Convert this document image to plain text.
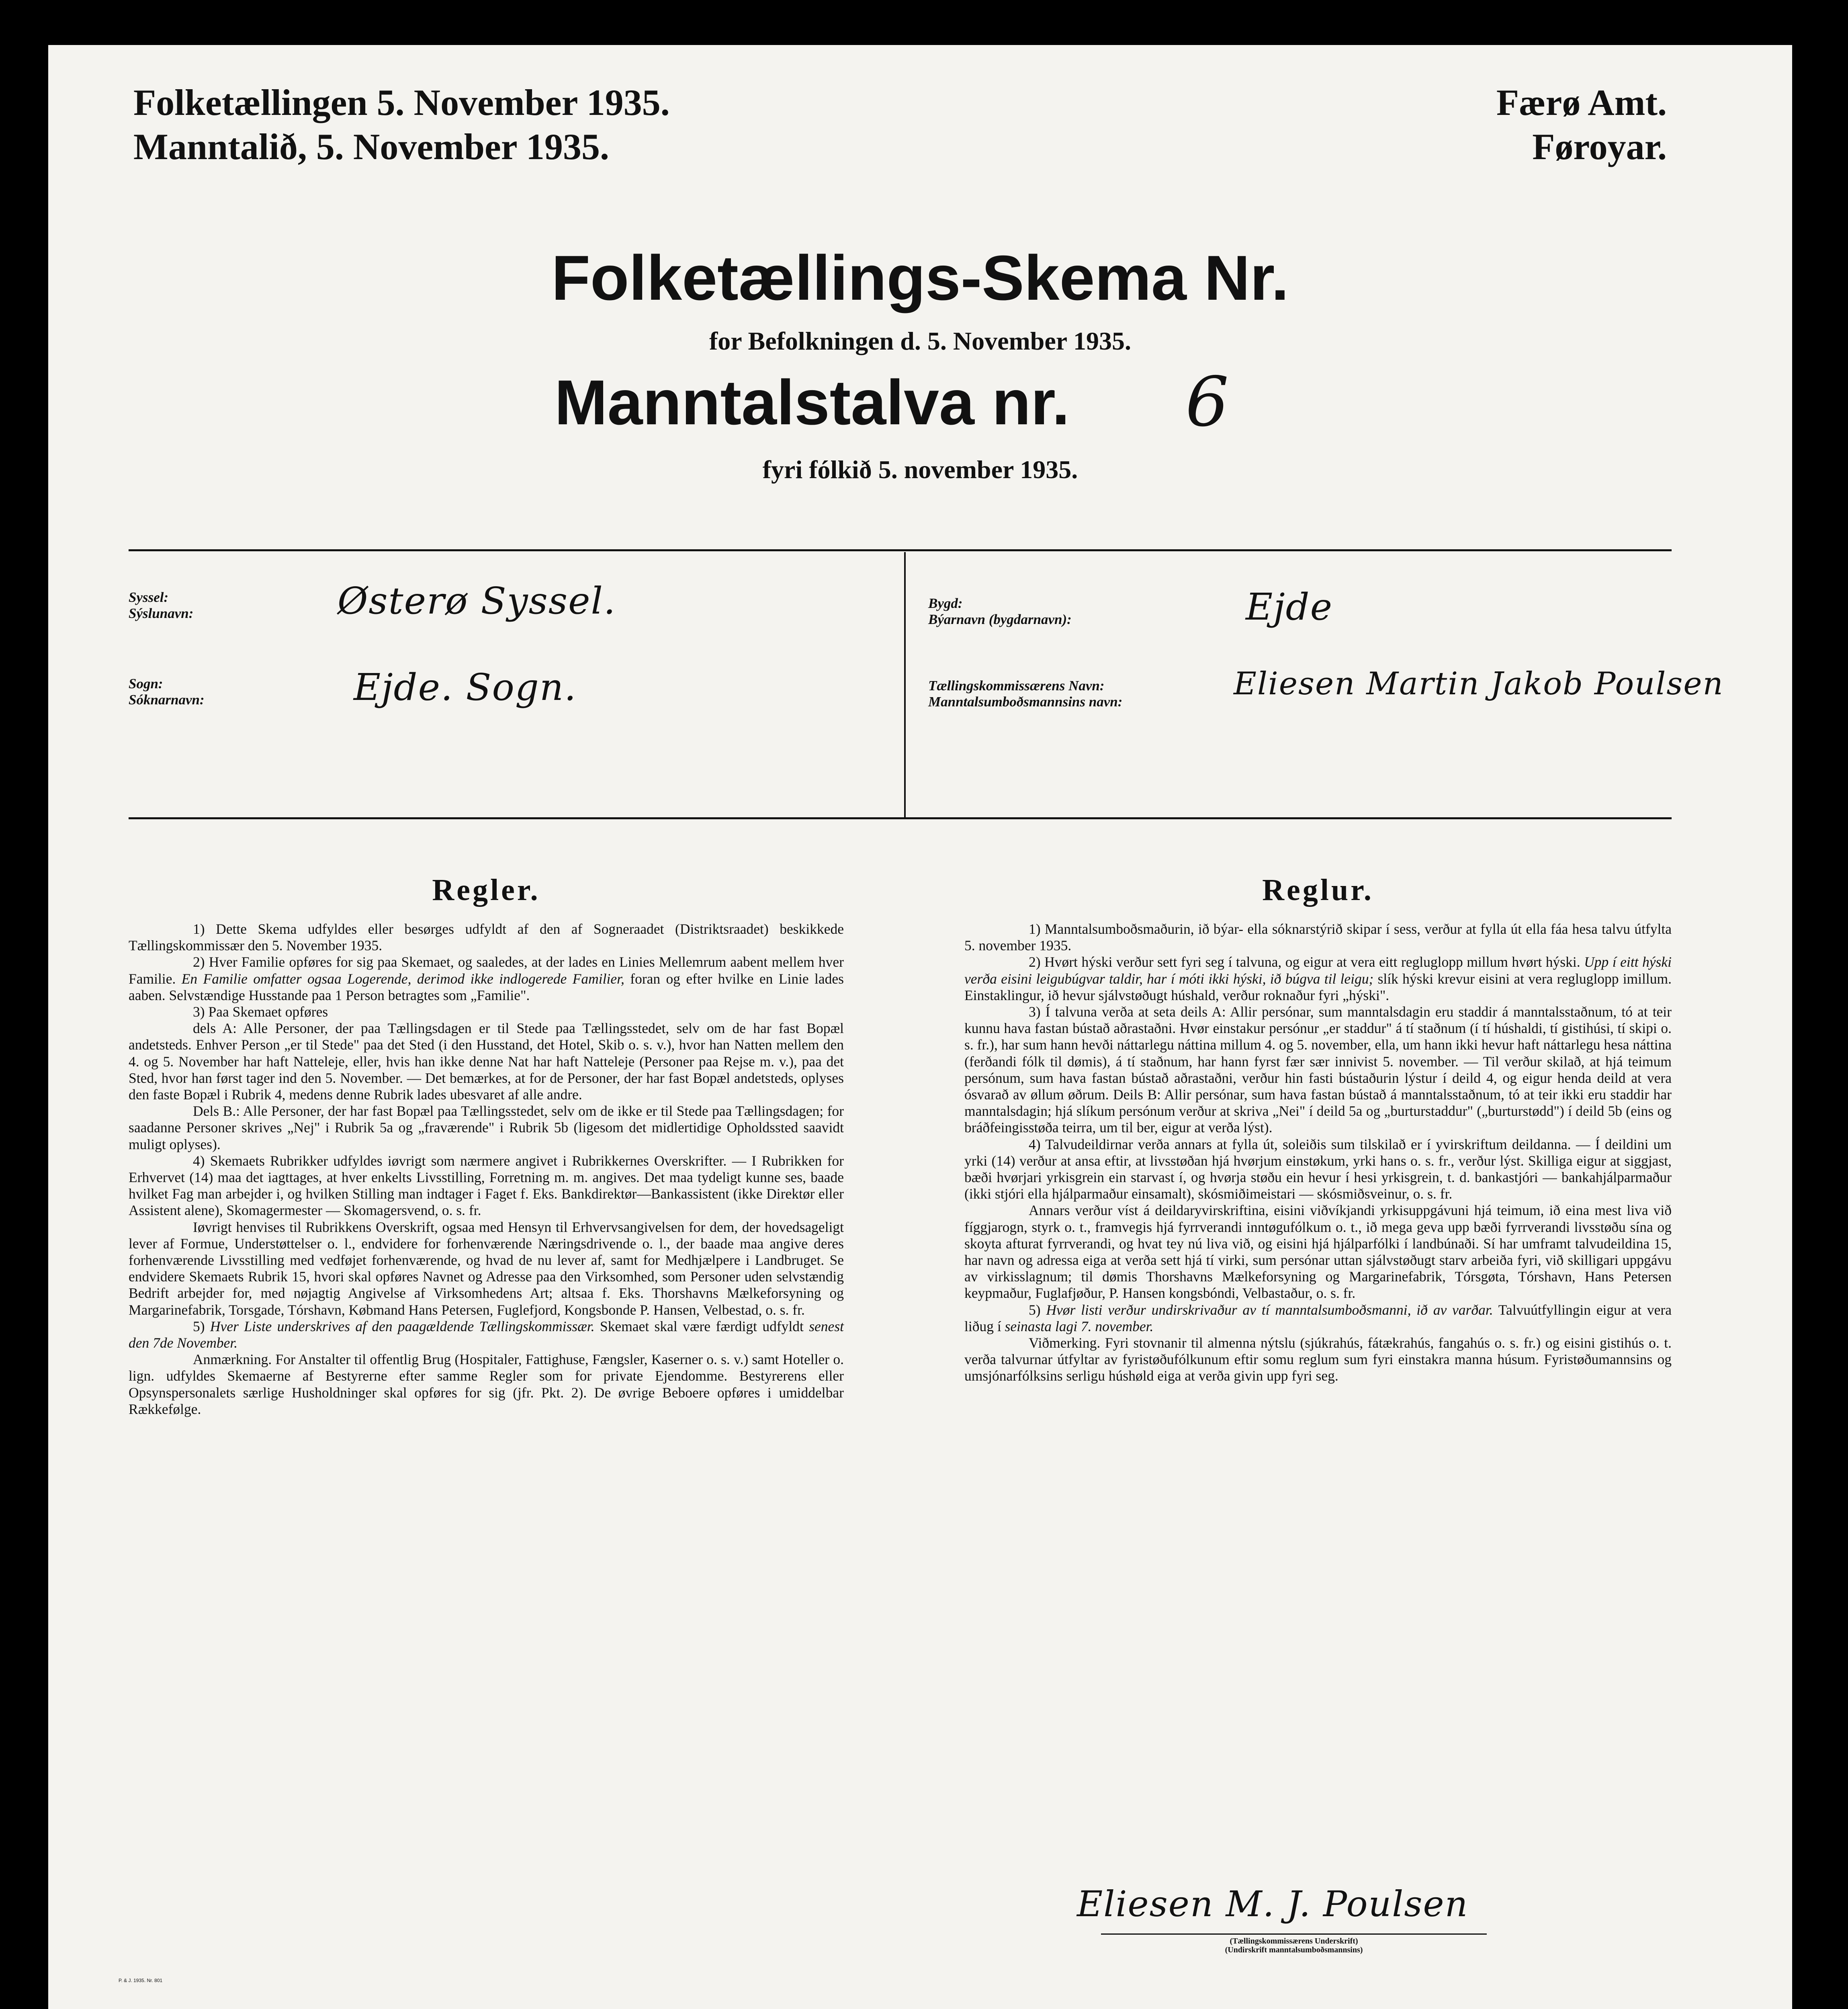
Folketællingen 5. November 1935.
Manntalið, 5. November 1935.
Færø Amt.
Føroyar.
Folketællings-Skema Nr.
for Befolkningen d. 5. November 1935.
Manntalstalva nr.	6
fyri fólkið 5. november 1935.
Syssel:
Sýslunavn:	Østerø Syssel.
Sogn:
Sóknarnavn:	Ejde. Sogn.
Bygd:
Býarnavn (bygdarnavn):	Ejde
Tællingskommissærens Navn:
Manntalsumboðsmannsins navn:	Eliesen Martin Jakob Poulsen
Regler.

1) Dette Skema udfyldes eller besørges udfyldt af den af Sogneraadet (Distriktsraadet) beskikkede Tællingskommissær den 5. November 1935.

2) Hver Familie opføres for sig paa Skemaet, og saaledes, at der lades en Linies Mellemrum aabent mellem hver Familie. En Familie omfatter ogsaa Logerende, derimod ikke indlogerede Familier, foran og efter hvilke en Linie lades aaben. Selvstændige Husstande paa 1 Person betragtes som „Familie".

3) Paa Skemaet opføres

dels A: Alle Personer, der paa Tællingsdagen er til Stede paa Tællingsstedet, selv om de har fast Bopæl andetsteds. Enhver Person „er til Stede" paa det Sted (i den Husstand, det Hotel, Skib o. s. v.), hvor han Natten mellem den 4. og 5. November har haft Natteleje, eller, hvis han ikke denne Nat har haft Natteleje (Personer paa Rejse m. v.), paa det Sted, hvor han først tager ind den 5. November. — Det bemærkes, at for de Personer, der har fast Bopæl andetsteds, oplyses den faste Bopæl i Rubrik 4, medens denne Rubrik lades ubesvaret af alle andre.

Dels B.: Alle Personer, der har fast Bopæl paa Tællingsstedet, selv om de ikke er til Stede paa Tællingsdagen; for saadanne Personer skrives „Nej" i Rubrik 5a og „fraværende" i Rubrik 5b (ligesom det midlertidige Opholdssted saavidt muligt oplyses).

4) Skemaets Rubrikker udfyldes iøvrigt som nærmere angivet i Rubrikkernes Overskrifter. — I Rubrikken for Erhvervet (14) maa det iagttages, at hver enkelts Livsstilling, Forretning m. m. angives. Det maa tydeligt kunne ses, baade hvilket Fag man arbejder i, og hvilken Stilling man indtager i Faget f. Eks. Bankdirektør—Bankassistent (ikke Direktør eller Assistent alene), Skomagermester — Skomagersvend, o. s. fr.

Iøvrigt henvises til Rubrikkens Overskrift, ogsaa med Hensyn til Erhvervsangivelsen for dem, der hovedsageligt lever af Formue, Understøttelser o. l., endvidere for forhenværende Næringsdrivende o. l., der baade maa angive deres forhenværende Livsstilling med vedføjet forhenværende, og hvad de nu lever af, samt for Medhjælpere i Landbruget. Se endvidere Skemaets Rubrik 15, hvori skal opføres Navnet og Adresse paa den Virksomhed, som Personer uden selvstændig Bedrift arbejder for, med nøjagtig Angivelse af Virksomhedens Art; altsaa f. Eks. Thorshavns Mælkeforsyning og Margarinefabrik, Torsgade, Tórshavn, Købmand Hans Petersen, Fuglefjord, Kongsbonde P. Hansen, Velbestad, o. s. fr.

5) Hver Liste underskrives af den paagældende Tællingskommissær. Skemaet skal være færdigt udfyldt senest den 7de November.

Anmærkning. For Anstalter til offentlig Brug (Hospitaler, Fattighuse, Fængsler, Kaserner o. s. v.) samt Hoteller o. lign. udfyldes Skemaerne af Bestyrerne efter samme Regler som for private Ejendomme. Bestyrerens eller Opsynspersonalets særlige Husholdninger skal opføres for sig (jfr. Pkt. 2). De øvrige Beboere opføres i umiddelbar Rækkefølge.

Reglur.

1) Manntalsumboðsmaðurin, ið býar- ella sóknarstýrið skipar í sess, verður at fylla út ella fáa hesa talvu útfylta 5. november 1935.

2) Hvørt hýski verður sett fyri seg í talvuna, og eigur at vera eitt regluglopp millum hvørt hýski. Upp í eitt hýski verða eisini leigubúgvar taldir, har í móti ikki hýski, ið búgva til leigu; slík hýski krevur eisini at vera regluglopp imillum. Einstaklingur, ið hevur sjálvstøðugt húshald, verður roknaður fyri „hýski".

3) Í talvuna verða at seta deils A: Allir persónar, sum manntalsdagin eru staddir á manntalsstaðnum, tó at teir kunnu hava fastan bústað aðrastaðni. Hvør einstakur persónur „er staddur" á tí staðnum (í tí húshaldi, tí gistihúsi, tí skipi o. s. fr.), har sum hann hevði náttarlegu náttina millum 4. og 5. november, ella, um hann ikki hevur haft náttarlegu hesa náttina (ferðandi fólk til dømis), á tí staðnum, har hann fyrst fær sær innivist 5. november. — Til verður skilað, at hjá teimum persónum, sum hava fastan bústað aðrastaðni, verður hin fasti bústaðurin lýstur í deild 4, og eigur henda deild at vera ósvarað av øllum øðrum. Deils B: Allir persónar, sum hava fastan bústað á manntalsstaðnum, tó at teir ikki eru staddir har manntalsdagin; hjá slíkum persónum verður at skriva „Nei" í deild 5a og „burturstaddur" („burturstødd") í deild 5b (eins og bráðfeingisstøða teirra, um til ber, eigur at verða lýst).

4) Talvudeildirnar verða annars at fylla út, soleiðis sum tilskilað er í yvirskriftum deildanna. — Í deildini um yrki (14) verður at ansa eftir, at livsstøðan hjá hvørjum einstøkum, yrki hans o. s. fr., verður lýst. Skilliga eigur at siggjast, bæði hvørjari yrkisgrein ein starvast í, og hvørja støðu ein hevur í hesi yrkisgrein, t. d. bankastjóri — bankahjálparmaður (ikki stjóri ella hjálparmaður einsamalt), skósmiðimeistari — skósmiðsveinur, o. s. fr.

Annars verður víst á deildaryvirskriftina, eisini viðvíkjandi yrkisuppgávuni hjá teimum, ið eina mest liva við fíggjarogn, styrk o. t., framvegis hjá fyrrverandi inntøgufólkum o. t., ið mega geva upp bæði fyrrverandi livsstøðu sína og skoyta afturat fyrrverandi, og hvat tey nú liva við, og eisini hjá hjálparfólki í landbúnaði. Sí har umframt talvudeildina 15, har navn og adressa eiga at verða sett hjá tí virki, sum persónar uttan sjálvstøðugt starv arbeiða fyri, við skilligari uppgávu av virkisslagnum; til dømis Thorshavns Mælkeforsyning og Margarinefabrik, Tórsgøta, Tórshavn, Hans Petersen keypmaður, Fuglafjøður, P. Hansen kongsbóndi, Velbastaður, o. s. fr.

5) Hvør listi verður undirskrivaður av tí manntalsumboðsmanni, ið av varðar. Talvuútfyllingin eigur at vera liðug í seinasta lagi 7. november.

Viðmerking. Fyri stovnanir til almenna nýtslu (sjúkrahús, fátækrahús, fangahús o. s. fr.) og eisini gistihús o. t. verða talvurnar útfyltar av fyristøðufólkunum eftir somu reglum sum fyri einstakra manna húsum. Fyristøðumannsins og umsjónarfólksins serligu húshøld eiga at verða givin upp fyri seg.

Eliesen M. J. Poulsen
(Tællingskommissærens Underskrift)
(Undirskrift manntalsumboðsmannsins)
P. & J. 1935. Nr. 801
